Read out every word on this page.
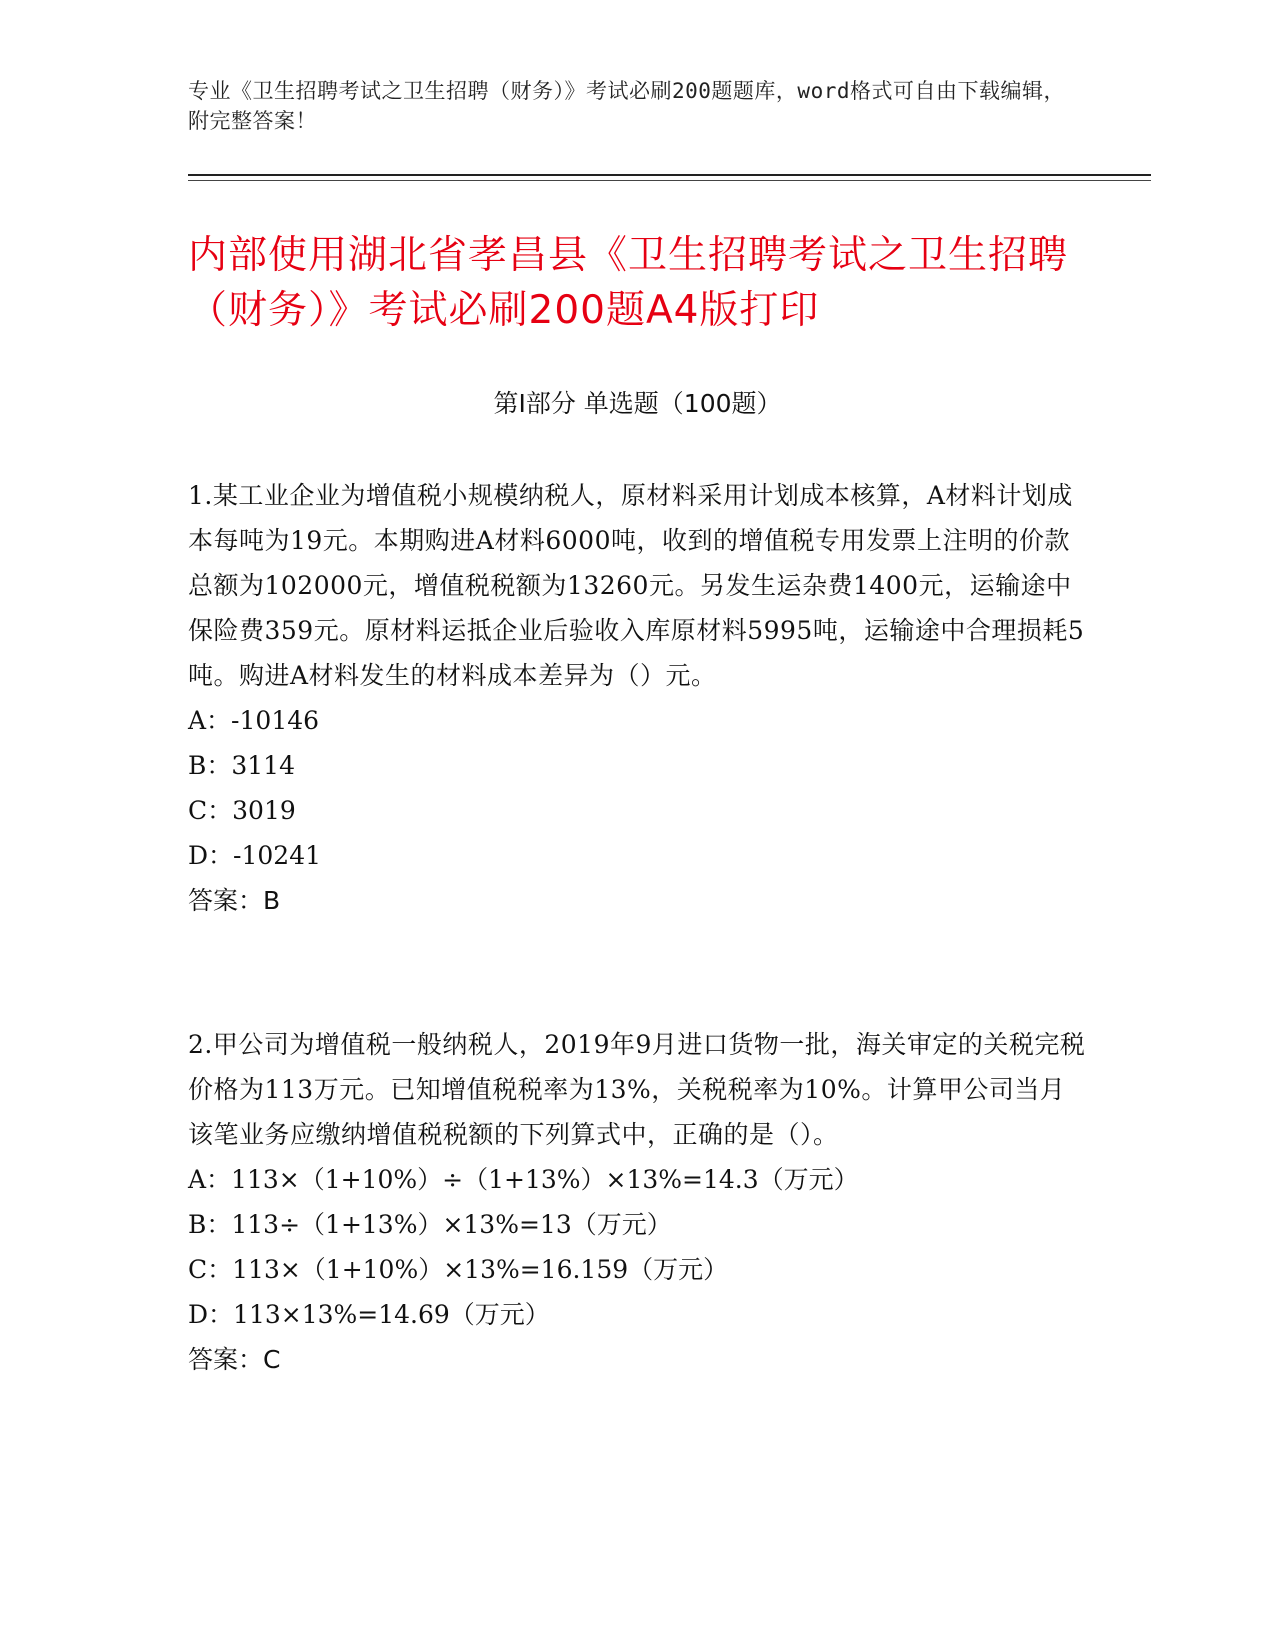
专业《卫生招聘考试之卫生招聘（财务）》考试必刷200题题库，word格式可自由下载编辑，附完整答案！
内部使用湖北省孝昌县《卫生招聘考试之卫生招聘（财务）》考试必刷200题A4版打印
第Ⅰ部分 单选题（100题）

1.某工业企业为增值税小规模纳税人，原材料采用计划成本核算，A材料计划成本每吨为19元。本期购进A材料6000吨，收到的增值税专用发票上注明的价款总额为102000元，增值税税额为13260元。另发生运杂费1400元，运输途中保险费359元。原材料运抵企业后验收入库原材料5995吨，运输途中合理损耗5吨。购进A材料发生的材料成本差异为（）元。

A：-10146

B：3114

C：3019

D：-10241

答案：B

2.甲公司为增值税一般纳税人，2019年9月进口货物一批，海关审定的关税完税价格为113万元。已知增值税税率为13%，关税税率为10%。计算甲公司当月该笔业务应缴纳增值税税额的下列算式中，正确的是（）。

A：113×（1+10%）÷（1+13%）×13%=14.3（万元）

B：113÷（1+13%）×13%=13（万元）

C：113×（1+10%）×13%=16.159（万元）

D：113×13%=14.69（万元）

答案：C
